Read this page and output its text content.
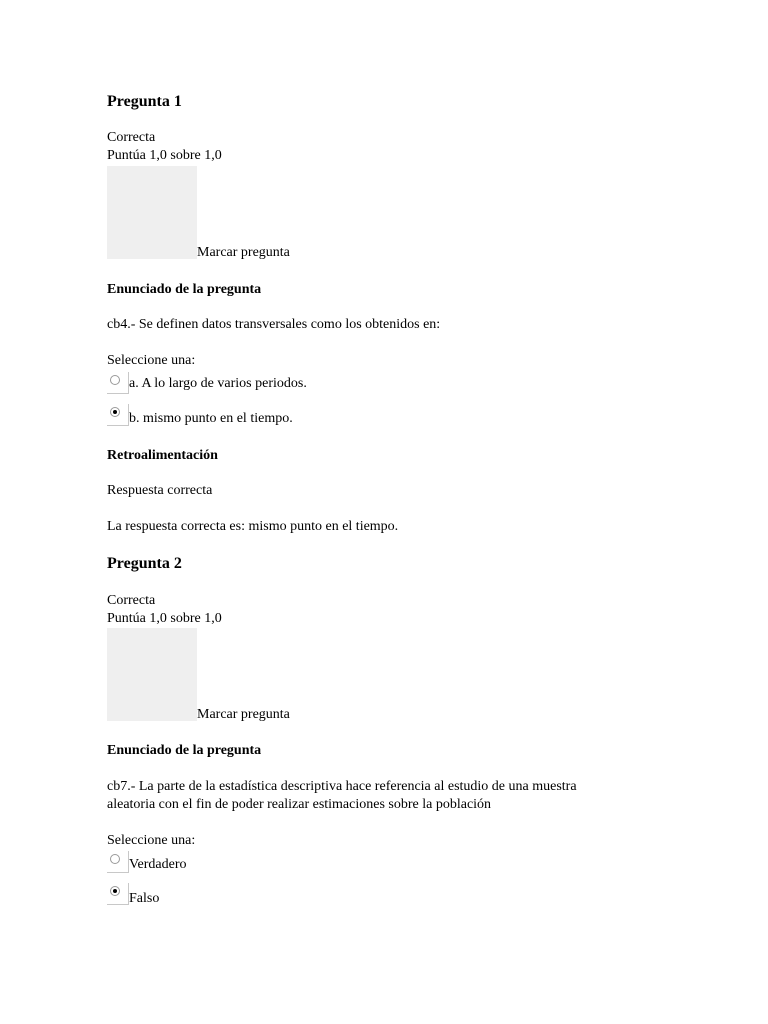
Pregunta 1
Correcta
Puntúa 1,0 sobre 1,0
Marcar pregunta
Enunciado de la pregunta
cb4.- Se definen datos transversales como los obtenidos en:
Seleccione una:
a. A lo largo de varios periodos.
b. mismo punto en el tiempo.
Retroalimentación
Respuesta correcta
La respuesta correcta es: mismo punto en el tiempo.
Pregunta 2
Correcta
Puntúa 1,0 sobre 1,0
Marcar pregunta
Enunciado de la pregunta
cb7.- La parte de la estadística descriptiva hace referencia al estudio de una muestra
aleatoria con el fin de poder realizar estimaciones sobre la población
Seleccione una:
Verdadero
Falso
